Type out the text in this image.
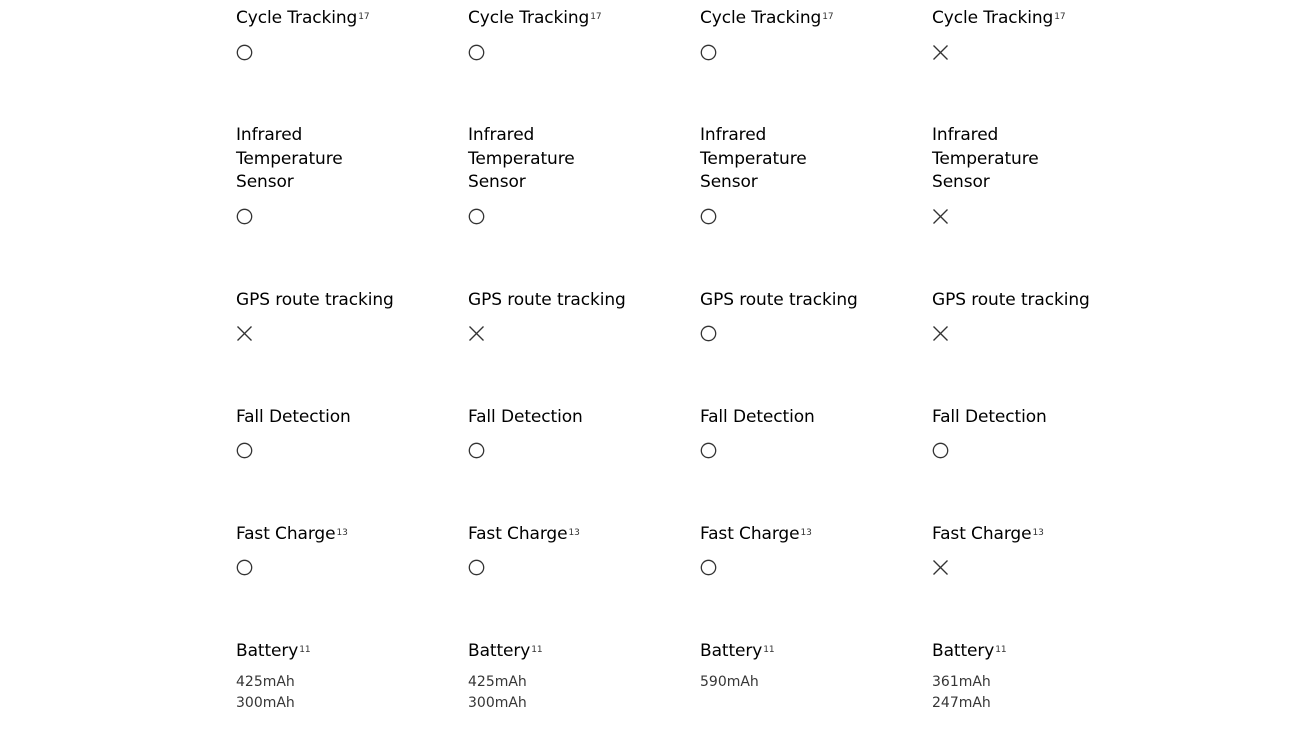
Cycle Tracking$^{17}$

Infrared Temperature Sensor

GPS route tracking

Fall Detection

Fast Charge$^{13}$

Battery$^{11}$

425mAh

300mAh

Cycle Tracking$^{17}$

Infrared Temperature Sensor

GPS route tracking

Fall Detection

Fast Charge$^{13}$

Battery$^{11}$

425mAh

300mAh

Cycle Tracking$^{17}$

Infrared Temperature Sensor

GPS route tracking

Fall Detection

Fast Charge$^{13}$

Battery$^{11}$

590mAh

Cycle Tracking$^{17}$

Infrared Temperature Sensor

GPS route tracking

Fall Detection

Fast Charge$^{13}$

Battery$^{11}$

361mAh

247mAh
